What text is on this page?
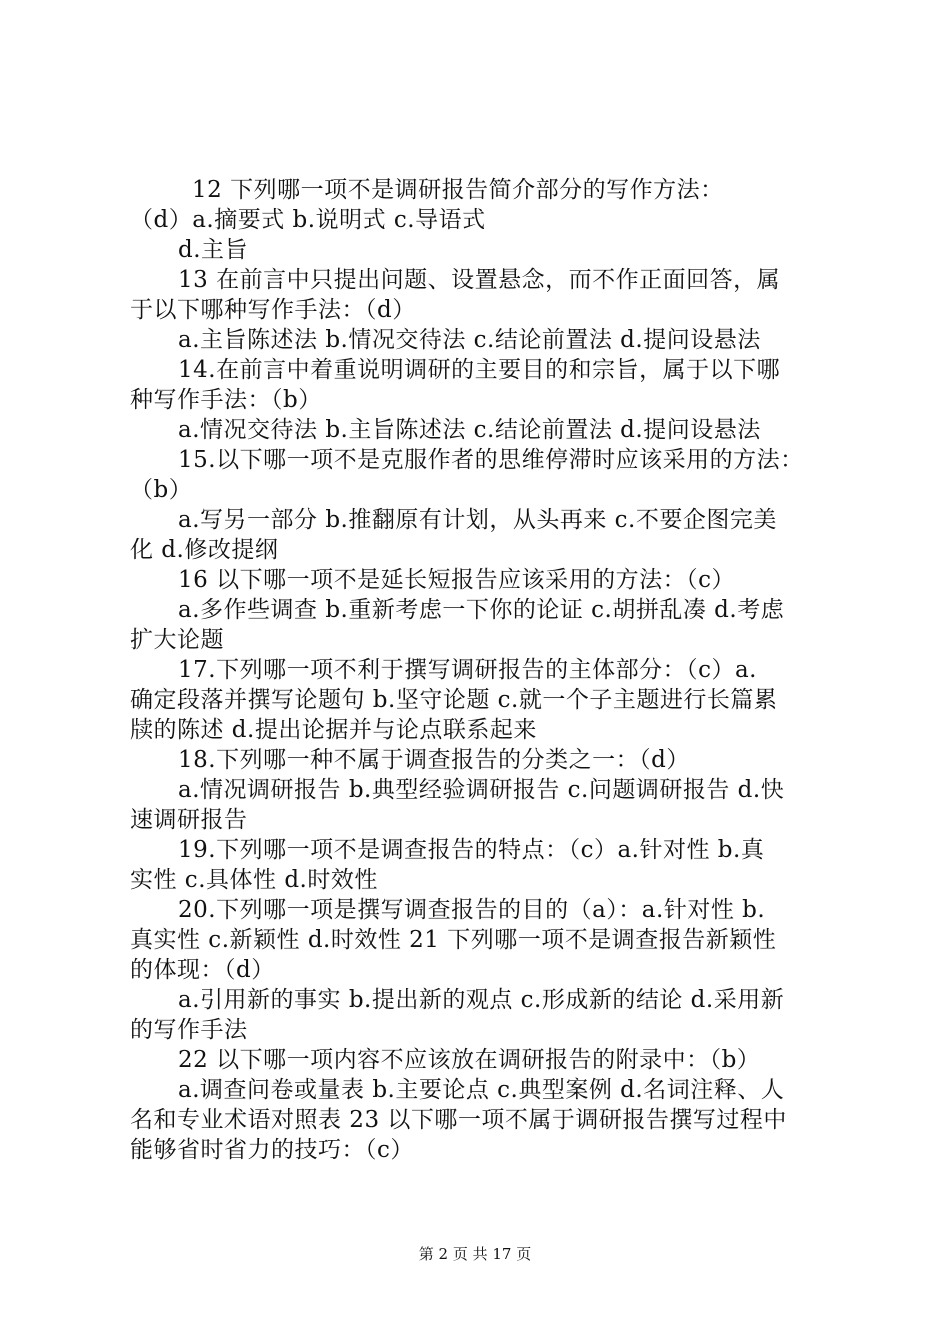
12 下列哪一项不是调研报告简介部分的写作方法：
（d）a.摘要式 b.说明式 c.导语式
d.主旨
13 在前言中只提出问题、设置悬念，而不作正面回答，属
于以下哪种写作手法：（d）
a.主旨陈述法 b.情况交待法 c.结论前置法 d.提问设悬法
14.在前言中着重说明调研的主要目的和宗旨，属于以下哪
种写作手法：（b）
a.情况交待法 b.主旨陈述法 c.结论前置法 d.提问设悬法
15.以下哪一项不是克服作者的思维停滞时应该采用的方法：
（b）
a.写另一部分 b.推翻原有计划，从头再来 c.不要企图完美
化 d.修改提纲
16 以下哪一项不是延长短报告应该采用的方法：（c）
a.多作些调查 b.重新考虑一下你的论证 c.胡拼乱凑 d.考虑
扩大论题
17.下列哪一项不利于撰写调研报告的主体部分：（c）a.
确定段落并撰写论题句 b.坚守论题 c.就一个子主题进行长篇累
牍的陈述 d.提出论据并与论点联系起来
18.下列哪一种不属于调查报告的分类之一：（d）
a.情况调研报告 b.典型经验调研报告 c.问题调研报告 d.快
速调研报告
19.下列哪一项不是调查报告的特点：（c）a.针对性 b.真
实性 c.具体性 d.时效性
20.下列哪一项是撰写调查报告的目的（a）：a.针对性 b.
真实性 c.新颖性 d.时效性 21 下列哪一项不是调查报告新颖性
的体现：（d）
a.引用新的事实 b.提出新的观点 c.形成新的结论 d.采用新
的写作手法
22 以下哪一项内容不应该放在调研报告的附录中：（b）
a.调查问卷或量表 b.主要论点 c.典型案例 d.名词注释、人
名和专业术语对照表 23 以下哪一项不属于调研报告撰写过程中
能够省时省力的技巧：（c）
第 2 页 共 17 页
